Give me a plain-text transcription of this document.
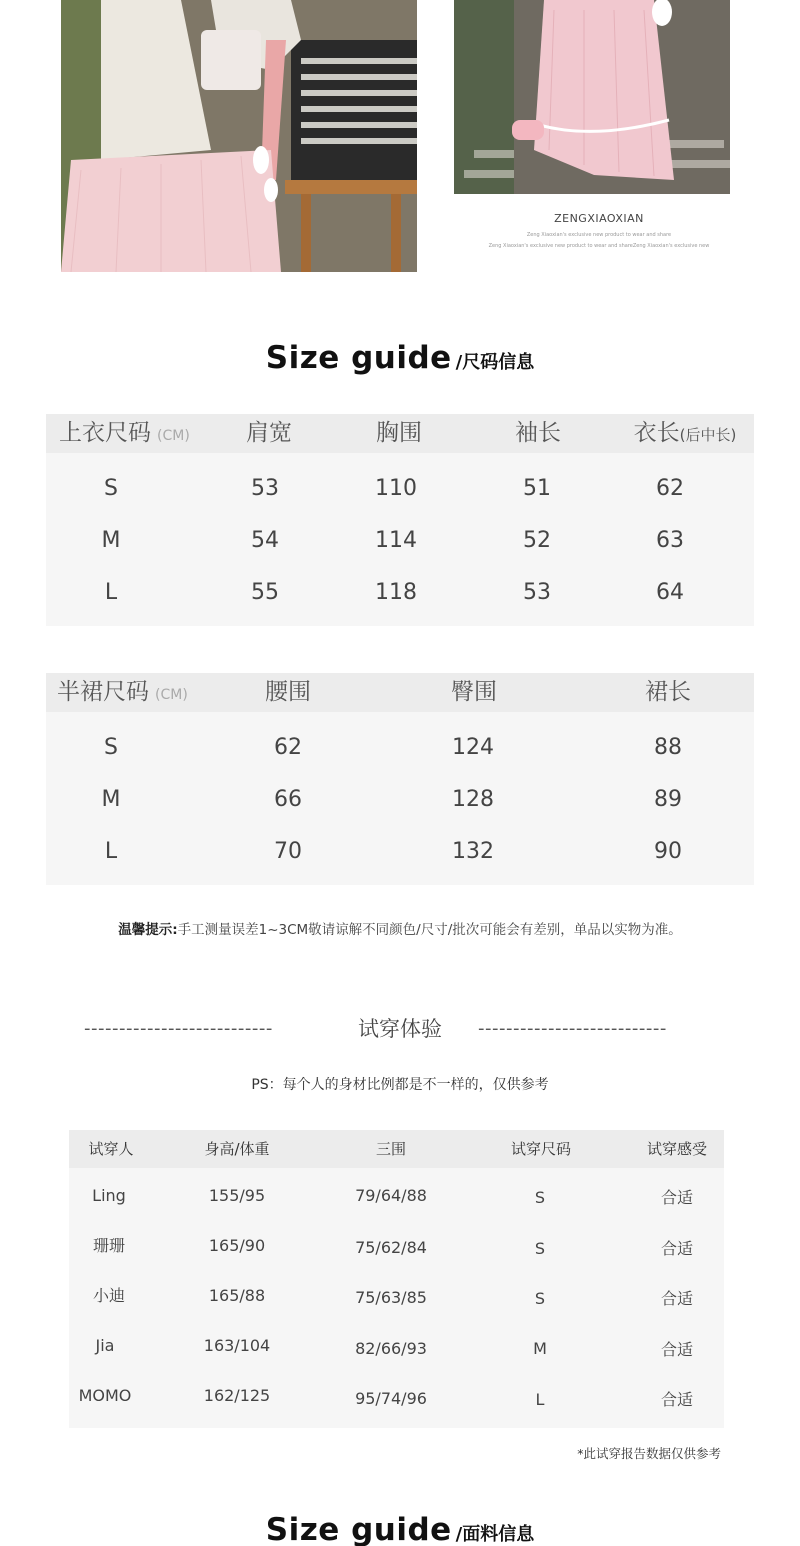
ZENGXIAOXIAN
Zeng Xiaoxian's exclusive new product to wear and share
Zeng Xiaoxian's exclusive new product to wear and shareZeng Xiaoxian's exclusive new
Size guide /尺码信息
上衣尺码 (CM) 肩宽	胸围	袖长	衣长(后中长)
S	53	110	51	62
M	54	114	52	63
L	55	118	53	64
半裙尺码 (CM)	腰围	臀围	裙长
S	62	124	88
M	66	128	89
L	70	132	90
温馨提示:手工测量误差1~3CM敬请谅解不同颜色/尺寸/批次可能会有差别，单品以实物为准。
---------------------------	试穿体验	---------------------------
PS：每个人的身材比例都是不一样的，仅供参考
试穿人	身高/体重	三围	试穿尺码	试穿感受
Ling	155/95	79/64/88	S	合适
珊珊	165/90	75/62/84	S	合适
小迪	165/88	75/63/85	S	合适
Jia	163/104	82/66/93	M	合适
MOMO	162/125	95/74/96	L	合适
*此试穿报告数据仅供参考
Size guide /面料信息
